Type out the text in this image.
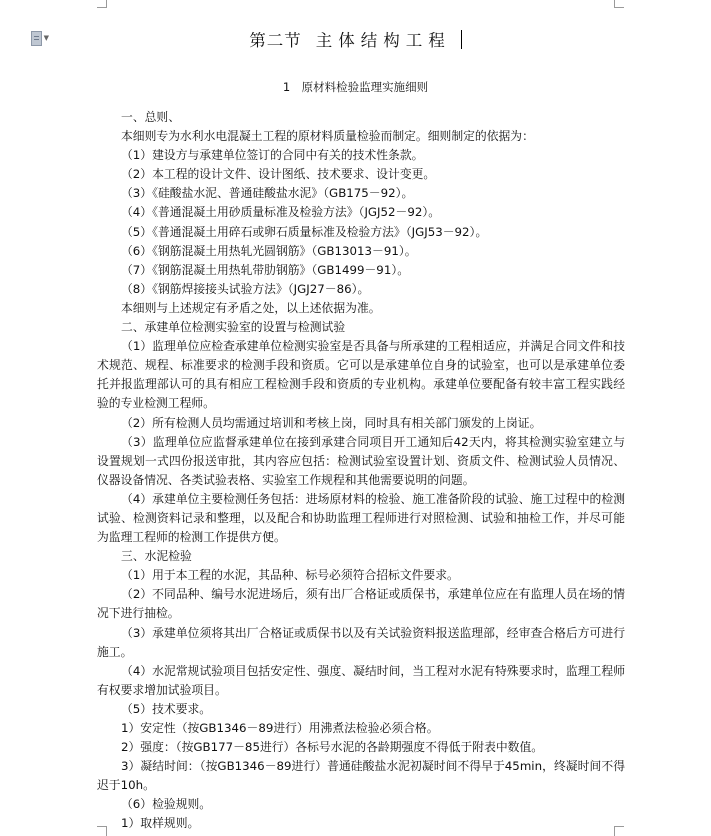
▼	第二节 主体结构工程
1　原材料检验监理实施细则

一、总则、

本细则专为水利水电混凝土工程的原材料质量检验而制定。细则制定的依据为：

（1）建设方与承建单位签订的合同中有关的技术性条款。

（2）本工程的设计文件、设计图纸、技术要求、设计变更。

（3）《硅酸盐水泥、普通硅酸盐水泥》（GB175－92）。

（4）《普通混凝土用砂质量标准及检验方法》（JGJ52－92）。

（5）《普通混凝土用碎石或卵石质量标准及检验方法》（JGJ53－92）。

（6）《钢筋混凝土用热轧光圆钢筋》（GB13013－91）。

（7）《钢筋混凝土用热轧带肋钢筋》（GB1499－91）。

（8）《钢筋焊接接头试验方法》（JGJ27－86）。

本细则与上述规定有矛盾之处，以上述依据为准。

二、承建单位检测实验室的设置与检测试验

（1）监理单位应检查承建单位检测实验室是否具备与所承建的工程相适应，并满足合同文件和技术规范、规程、标准要求的检测手段和资质。它可以是承建单位自身的试验室，也可以是承建单位委托并报监理部认可的具有相应工程检测手段和资质的专业机构。承建单位要配备有较丰富工程实践经验的专业检测工程师。

（2）所有检测人员均需通过培训和考核上岗，同时具有相关部门颁发的上岗证。

（3）监理单位应监督承建单位在接到承建合同项目开工通知后42天内，将其检测实验室建立与设置规划一式四份报送审批，其内容应包括：检测试验室设置计划、资质文件、检测试验人员情况、仪器设备情况、各类试验表格、实验室工作规程和其他需要说明的问题。

（4）承建单位主要检测任务包括：进场原材料的检验、施工准备阶段的试验、施工过程中的检测试验、检测资料记录和整理，以及配合和协助监理工程师进行对照检测、试验和抽检工作，并尽可能为监理工程师的检测工作提供方便。

三、水泥检验

（1）用于本工程的水泥，其品种、标号必须符合招标文件要求。

（2）不同品种、编号水泥进场后，须有出厂合格证或质保书，承建单位应在有监理人员在场的情况下进行抽检。

（3）承建单位须将其出厂合格证或质保书以及有关试验资料报送监理部，经审查合格后方可进行施工。

（4）水泥常规试验项目包括安定性、强度、凝结时间，当工程对水泥有特殊要求时，监理工程师有权要求增加试验项目。

（5）技术要求。

1）安定性（按GB1346－89进行）用沸煮法检验必须合格。

2）强度：（按GB177－85进行）各标号水泥的各龄期强度不得低于附表中数值。

3）凝结时间：（按GB1346－89进行）普通硅酸盐水泥初凝时间不得早于45min，终凝时间不得迟于10h。

（6）检验规则。

1）取样规则。
